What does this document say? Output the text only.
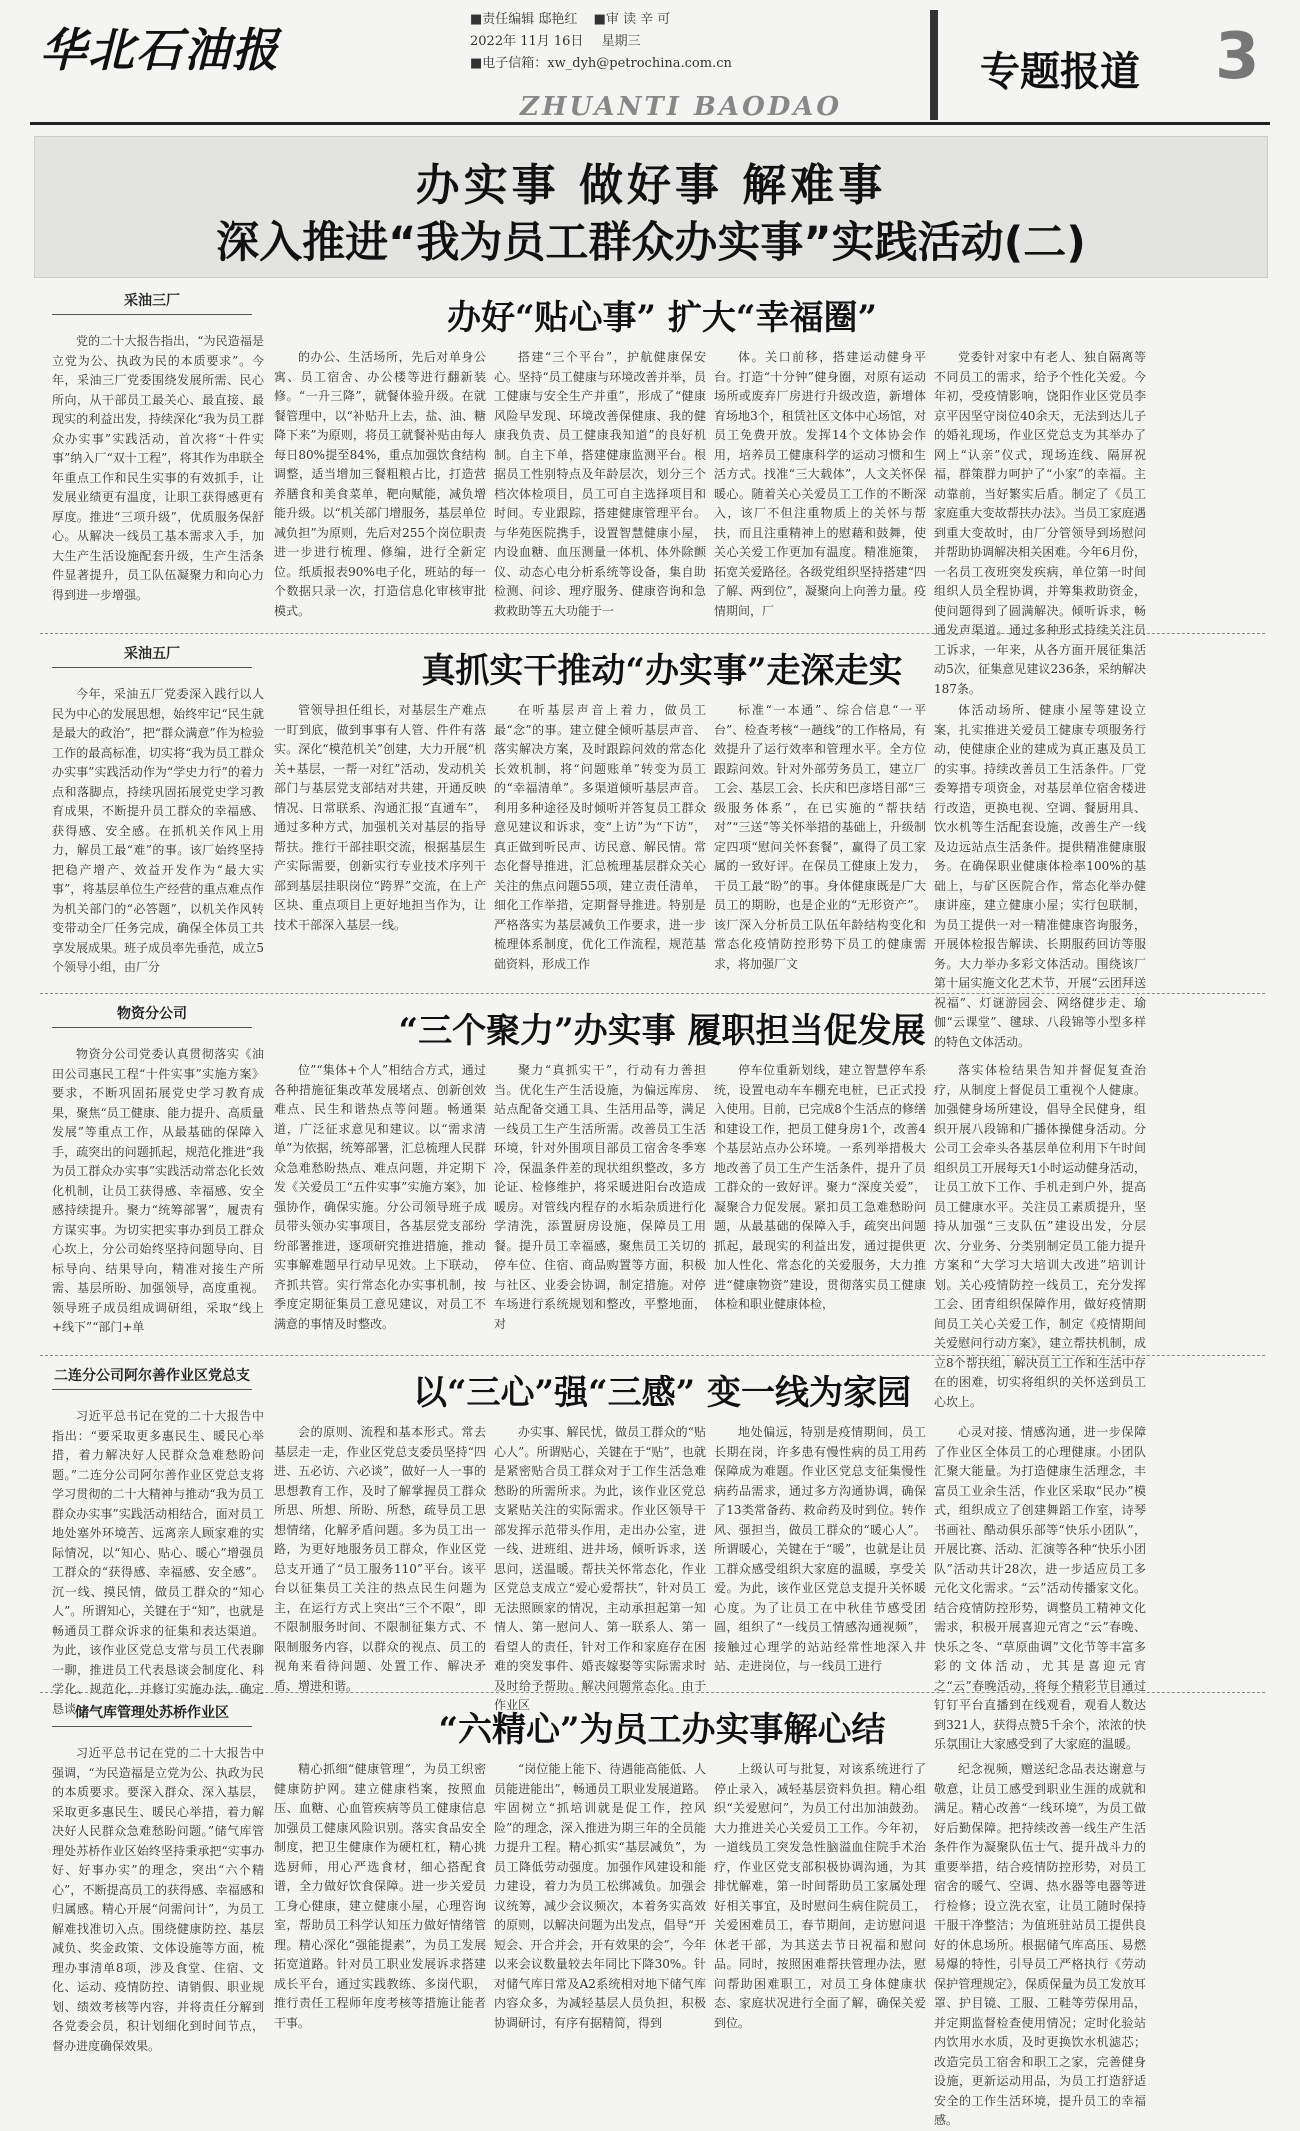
华北石油报
■责任编辑 邸艳红 ■审 读 辛 可
2022年 11月 16日 星期三
■电子信箱：xw_dyh@petrochina.com.cn
ZHUANTI BAODAO
专题报道 3
办实事 做好事 解难事
深入推进“我为员工群众办实事”实践活动(二)
采油三厂	办好“贴心事” 扩大“幸福圈”

党的二十大报告指出，“为民造福是立党为公、执政为民的本质要求”。今年，采油三厂党委围绕发展所需、民心所向，从干部员工最关心、最直接、最现实的利益出发，持续深化“我为员工群众办实事”实践活动，首次将“十件实事”纳入厂“双十工程”，将其作为串联全年重点工作和民生实事的有效抓手，让发展业绩更有温度，让职工获得感更有厚度。推进“三项升级”，优质服务保舒心。从解决一线员工基本需求入手，加大生产生活设施配套升级，生产生活条件显著提升，员工队伍凝聚力和向心力得到进一步增强。

的办公、生活场所，先后对单身公寓、员工宿舍、办公楼等进行翻新装修。“一升三降”，就餐体验升级。在就餐管理中，以“补贴升上去，盐、油、糖降下来”为原则，将员工就餐补贴由每人每日80%提至84%，重点加强饮食结构调整，适当增加三餐粗粮占比，打造营养膳食和美食菜单，靶向赋能，减负增能升级。以“机关部门增服务，基层单位减负担”为原则，先后对255个岗位职责进一步进行梳理、修编，进行全新定位。纸质报表90%电子化，班站的每一个数据只录一次，打造信息化审核审批模式。

搭建“三个平台”，护航健康保安心。坚持“员工健康与环境改善并举，员工健康与安全生产并重”，形成了“健康风险早发现、环境改善保健康、我的健康我负责、员工健康我知道”的良好机制。自主下单，搭建健康监测平台。根据员工性别特点及年龄层次，划分三个档次体检项目，员工可自主选择项目和时间。专业跟踪，搭建健康管理平台。与华苑医院携手，设置智慧健康小屋，内设血糖、血压测量一体机、体外除颤仪、动态心电分析系统等设备，集自助检测、问诊、理疗服务、健康咨询和急救救助等五大功能于一

体。关口前移，搭建运动健身平台。打造“十分钟”健身圈，对原有运动场所或废弃厂房进行升级改造，新增体育场地3个，租赁社区文体中心场馆，对员工免费开放。发挥14个文体协会作用，培养员工健康科学的运动习惯和生活方式。找准“三大载体”，人文关怀保暖心。随着关心关爱员工工作的不断深入，该厂不但注重物质上的关怀与帮扶，而且注重精神上的慰藉和鼓舞，使关心关爱工作更加有温度。精准施策，拓宽关爱路径。各级党组织坚持搭建“四了解、两到位”，凝聚向上向善力量。疫情期间，厂

党委针对家中有老人、独自隔离等不同员工的需求，给予个性化关爱。今年初，受疫情影响，饶阳作业区党员李京平因坚守岗位40余天，无法到达儿子的婚礼现场，作业区党总支为其举办了网上“认亲”仪式，现场连线、隔屏祝福，群策群力呵护了“小家”的幸福。主动靠前，当好繁实后盾。制定了《员工家庭重大变故帮扶办法》。当员工家庭遇到重大变故时，由厂分管领导到场慰问并帮助协调解决相关困难。今年6月份，一名员工夜班突发疾病，单位第一时间组织人员全程协调，并筹集救助资金，使问题得到了圆满解决。倾听诉求，畅通发声渠道。通过多种形式持续关注员工诉求，一年来，从各方面开展征集活动5次，征集意见建议236条，采纳解决187条。

采油五厂	真抓实干推动“办实事”走深走实

今年，采油五厂党委深入践行以人民为中心的发展思想，始终牢记“民生就是最大的政治”，把“群众满意”作为检验工作的最高标准，切实将“我为员工群众办实事”实践活动作为“学史力行”的着力点和落脚点，持续巩固拓展党史学习教育成果，不断提升员工群众的幸福感、获得感、安全感。在抓机关作风上用力，解员工最“难”的事。该厂始终坚持把稳产增产、效益开发作为“最大实事”，将基层单位生产经营的重点难点作为机关部门的“必答题”，以机关作风转变带动全厂任务完成，确保全体员工共享发展成果。班子成员率先垂范，成立5个领导小组，由厂分

管领导担任组长，对基层生产难点一盯到底，做到事事有人管、件件有落实。深化“模范机关”创建，大力开展“机关+基层，一帮一对红”活动，发动机关部门与基层党支部结对共建，开通反映情况、日常联系、沟通汇报“直通车”，通过多种方式，加强机关对基层的指导帮扶。推行干部挂职交流，根据基层生产实际需要，创新实行专业技术序列干部到基层挂职岗位“跨界”交流，在上产区块、重点项目上更好地担当作为，让技术干部深入基层一线。

在听基层声音上着力，做员工最“念”的事。建立健全倾听基层声音、落实解决方案，及时跟踪问效的常态化长效机制，将“问题账单”转变为员工的“幸福清单”。多渠道倾听基层声音。利用多种途径及时倾听并答复员工群众意见建议和诉求，变“上访”为“下访”，真正做到听民声、访民意、解民情。常态化督导推进，汇总梳理基层群众关心关注的焦点问题55项，建立责任清单，细化工作举措，定期督导推进。特别是严格落实为基层减负工作要求，进一步梳理体系制度，优化工作流程，规范基础资料，形成工作

标准“一本通”、综合信息“一平台”、检查考核“一趟线”的工作格局，有效提升了运行效率和管理水平。全方位跟踪问效。针对外部劳务员工，建立厂工会、基层工会、长庆和巴彦塔目部“三级服务体系”，在已实施的“帮扶结对”“三送”等关怀举措的基础上，升级制定四项“慰问关怀套餐”，赢得了员工家属的一致好评。在保员工健康上发力，干员工最“盼”的事。身体健康既是广大员工的期盼，也是企业的“无形资产”。该厂深入分析员工队伍年龄结构变化和常态化疫情防控形势下员工的健康需求，将加强厂文

体活动场所、健康小屋等建设立案，扎实推进关爱员工健康专项服务行动，使健康企业的建成为真正惠及员工的实事。持续改善员工生活条件。厂党委筹措专项资金，对基层单位宿舍楼进行改造，更换电视、空调、餐厨用具、饮水机等生活配套设施，改善生产一线及边远站点生活条件。提供精准健康服务。在确保职业健康体检率100%的基础上，与矿区医院合作，常态化举办健康讲座，建立健康小屋；实行包联制，为员工提供一对一精准健康咨询服务，开展体检报告解读、长期服药回访等服务。大力举办多彩文体活动。围绕该厂第十届实施文化艺术节，开展“云团拜送祝福”、灯谜游园会、网络健步走、瑜伽“云课堂”、毽球、八段锦等小型多样的特色文体活动。

物资分公司	“三个聚力”办实事 履职担当促发展

物资分公司党委认真贯彻落实《油田公司惠民工程“十件实事”实施方案》要求，不断巩固拓展党史学习教育成果，聚焦“员工健康、能力提升、高质量发展”等重点工作，从最基础的保障入手，疏突出的问题抓起，规范化推进“我为员工群众办实事”实践活动常态化长效化机制，让员工获得感、幸福感、安全感持续提升。聚力“统筹部署”，履责有方谋实事。为切实把实事办到员工群众心坎上，分公司始终坚持问题导向、目标导向、结果导向，精准对接生产所需、基层所盼、加强领导，高度重视。领导班子成员组成调研组，采取“线上+线下”“部门+单

位”“集体+个人”相结合方式，通过各种措施征集改革发展堵点、创新创效难点、民生和谐热点等问题。畅通渠道，广泛征求意见和建议。以“需求清单”为依据，统筹部署，汇总梳理人民群众急难愁盼热点、难点问题，并定期下发《关爱员工“五件实事”实施方案》，加强协作，确保实施。分公司领导班子成员带头领办实事项目，各基层党支部纷纷部署推进，逐项研究推进措施，推动实事解难题早行动早见效。上下联动，齐抓共管。实行常态化办实事机制，按季度定期征集员工意见建议，对员工不满意的事情及时整改。

聚力“真抓实干”，行动有力善担当。优化生产生活设施，为偏远库房、站点配备交通工具、生活用品等，满足一线员工生产生活所需。改善员工生活环境，针对外围项目部员工宿舍冬季寒冷，保温条件差的现状组织整改，多方论证、检修维护，将采暖进阳台改造成暖房。对管线内程存的水垢杂质进行化学清洗，添置厨房设施，保障员工用餐。提升员工幸福感，聚焦员工关切的停车位、住宿、商品购置等方面，积极与社区、业委会协调，制定措施。对停车场进行系统规划和整改，平整地面，对

停车位重新划线，建立智慧停车系统，设置电动车车棚充电桩，已正式投入使用。目前，已完成8个生活点的修缮和建设工作，把员工健身房1个，改善4个基层站点办公环境。一系列举措极大地改善了员工生产生活条件，提升了员工群众的一致好评。聚力“深度关爱”，凝聚合力促发展。紧扣员工急难愁盼问题，从最基础的保障入手，疏突出问题抓起，最现实的利益出发，通过提供更加人性化、常态化的关爱服务，大力推进“健康物资”建设，贯彻落实员工健康体检和职业健康体检，

落实体检结果告知并督促复查治疗，从制度上督促员工重视个人健康。加强健身场所建设，倡导全民健身，组织开展八段锦和广播体操健身活动。分公司工会牵头各基层单位利用下午时间组织员工开展每天1小时运动健身活动，让员工放下工作、手机走到户外，提高员工健康水平。关注员工素质提升，坚持从加强“三支队伍”建设出发，分层次、分业务、分类别制定员工能力提升方案和“大学习大培训大改进”培训计划。关心疫情防控一线员工，充分发挥工会、团青组织保障作用，做好疫情期间员工关心关爱工作，制定《疫情期间关爱慰问行动方案》，建立帮扶机制，成立8个帮扶组，解决员工工作和生活中存在的困难，切实将组织的关怀送到员工心坎上。

二连分公司阿尔善作业区党总支	以“三心”强“三感” 变一线为家园

习近平总书记在党的二十大报告中指出：“要采取更多惠民生、暖民心举措，着力解决好人民群众急难愁盼问题。”二连分公司阿尔善作业区党总支将学习贯彻的二十大精神与推动“我为员工群众办实事”实践活动相结合，面对员工地处塞外环境苦、远离亲人顾家难的实际情况，以“知心、贴心、暖心”增强员工群众的“获得感、幸福感、安全感”。沉一线、摸民情，做员工群众的“知心人”。所谓知心，关键在于“知”，也就是畅通员工群众诉求的征集和表达渠道。为此，该作业区党总支常与员工代表聊一聊，推进员工代表恳谈会制度化、科学化、规范化，并修订实施办法，确定恳谈

会的原则、流程和基本形式。常去基层走一走，作业区党总支委员坚持“四进、五必访、六必谈”，做好一人一事的思想教育工作，及时了解掌握员工群众所思、所想、所盼、所愁，疏导员工思想情绪，化解矛盾问题。多为员工出一路，为更好地服务员工群众，作业区党总支开通了“员工服务110”平台。该平台以征集员工关注的热点民生问题为主，在运行方式上突出“三个不限”，即不限制服务时间、不限制征集方式、不限制服务内容，以群众的视点、员工的视角来看待问题、处置工作、解决矛盾、增进和谐。

办实事、解民忧，做员工群众的“贴心人”。所谓贴心，关键在于“贴”，也就是紧密贴合员工群众对于工作生活急难愁盼的所需所求。为此，该作业区党总支紧贴关注的实际需求。作业区领导干部发挥示范带头作用，走出办公室，进一线、进班组、进井场，倾听诉求，送思问，送温暖。帮扶关怀常态化，作业区党总支成立“爱心爱帮扶”，针对员工无法照顾家的情况，主动承担起第一知情人、第一慰问人、第一联系人、第一看望人的责任，针对工作和家庭存在困难的突发事件、婚丧嫁娶等实际需求时及时给予帮助。解决问题常态化。由于作业区

地处偏远，特别是疫情期间，员工长期在岗，许多患有慢性病的员工用药保障成为难题。作业区党总支征集慢性病药品需求，通过多方沟通协调，确保了13类常备药、救命药及时到位。转作风、强担当，做员工群众的“暖心人”。所谓暖心，关键在于“暖”，也就是让员工群众感受组织大家庭的温暖，享受关爱。为此，该作业区党总支提升关怀暖心度。为了让员工在中秋佳节感受团圆，组织了“一线员工情感沟通视频”，接触过心理学的站站经常性地深入井站、走进岗位，与一线员工进行

心灵对接、情感沟通，进一步保障了作业区全体员工的心理健康。小团队汇聚大能量。为打造健康生活理念，丰富员工业余生活，作业区采取“民办”模式，组织成立了创建舞蹈工作室，诗琴书画社、酷动俱乐部等“快乐小团队”，开展比赛、活动、汇演等各种“快乐小团队”活动共计28次，进一步适应员工多元化文化需求。“云”活动传播家文化。结合疫情防控形势，调整员工精神文化需求，积极开展喜迎元宵之“云”春晚、快乐之冬、“草原曲调”文化节等丰富多彩的文体活动，尤其是喜迎元宵之“云”春晚活动，将每个精彩节目通过钉钉平台直播到在线观看，观看人数达到321人，获得点赞5千余个，浓浓的快乐氛围让大家感受到了大家庭的温暖。

储气库管理处苏桥作业区	“六精心”为员工办实事解心结

习近平总书记在党的二十大报告中强调，“为民造福是立党为公、执政为民的本质要求。要深入群众、深入基层，采取更多惠民生、暖民心举措，着力解决好人民群众急难愁盼问题。”储气库管理处苏桥作业区始终坚持秉承把“实事办好、好事办实”的理念，突出“六个精心”，不断提高员工的获得感、幸福感和归属感。精心开展“问需问计”，为员工解难找准切入点。围绕健康防控、基层减负、奖金政策、文体设施等方面，梳理办事清单8项，涉及食堂、住宿、文化、运动、疫情防控、请销假、职业规划、绩效考核等内容，并将责任分解到各党委会员，积计划细化到时间节点，督办进度确保效果。

精心抓细“健康管理”，为员工织密健康防护网。建立健康档案，按照血压、血糖、心血管疾病等员工健康信息加强员工健康风险识别。落实食品安全制度，把卫生健康作为硬杠杠，精心挑选厨师，用心严选食材，细心搭配食谱，全力做好饮食保障。进一步关爱员工身心健康，建立健康小屋，心理咨询室，帮助员工科学认知压力做好情绪管理。精心深化“强能提素”，为员工发展拓宽道路。针对员工职业发展诉求搭建成长平台，通过实践教练、多岗代职，推行责任工程师年度考核等措施让能者干事。

“岗位能上能下、待遇能高能低、人员能进能出”，畅通员工职业发展道路。牢固树立“抓培训就是促工作，控风险”的理念，深入推进为期三年的全员能力提升工程。精心抓实“基层减负”，为员工降低劳动强度。加强作风建设和能力建设，着力为员工松绑减负。加强会议统筹，减少会议频次，本着务实高效的原则，以解决问题为出发点，倡导“开短会、开合并会，开有效果的会”，今年以来会议数量较去年同比下降30%。针对储气库日常及A2系统相对地下储气库内容众多，为减轻基层人员负担，积极协调研讨，有序有据精简，得到

上级认可与批复，对该系统进行了停止录入，减轻基层资料负担。精心组织“关爱慰问”，为员工付出加油鼓劲。大力推进关心关爱员工工作。今年初，一道线员工突发急性脑溢血住院手术治疗，作业区党支部积极协调沟通，为其排忧解难，第一时间帮助员工家属处理好相关事宜，及时慰问生病住院员工，关爱困难员工，春节期间，走访慰问退休老干部，为其送去节日祝福和慰问品。同时，按照困难帮扶管理办法，慰问帮助困难职工，对员工身体健康状态、家庭状况进行全面了解，确保关爱到位。

纪念视频，赠送纪念品表达谢意与敬意，让员工感受到职业生涯的成就和满足。精心改善“一线环境”，为员工做好后勤保障。把持续改善一线生产生活条件作为凝聚队伍士气、提升战斗力的重要举措，结合疫情防控形势，对员工宿舍的暖气、空调、热水器等电器等进行检修；设立洗衣室，让员工随时保持干服干净整洁；为值班驻站员工提供良好的休息场所。根据储气库高压、易燃易爆的特性，引导员工严格执行《劳动保护管理规定》，保质保量为员工发放耳罩、护目镜、工服、工鞋等劳保用品，并定期监督检查使用情况；定时化验站内饮用水水质，及时更换饮水机滤芯；改造完员工宿舍和职工之家，完善健身设施，更新运动用品，为员工打造舒适安全的工作生活环境，提升员工的幸福感。
